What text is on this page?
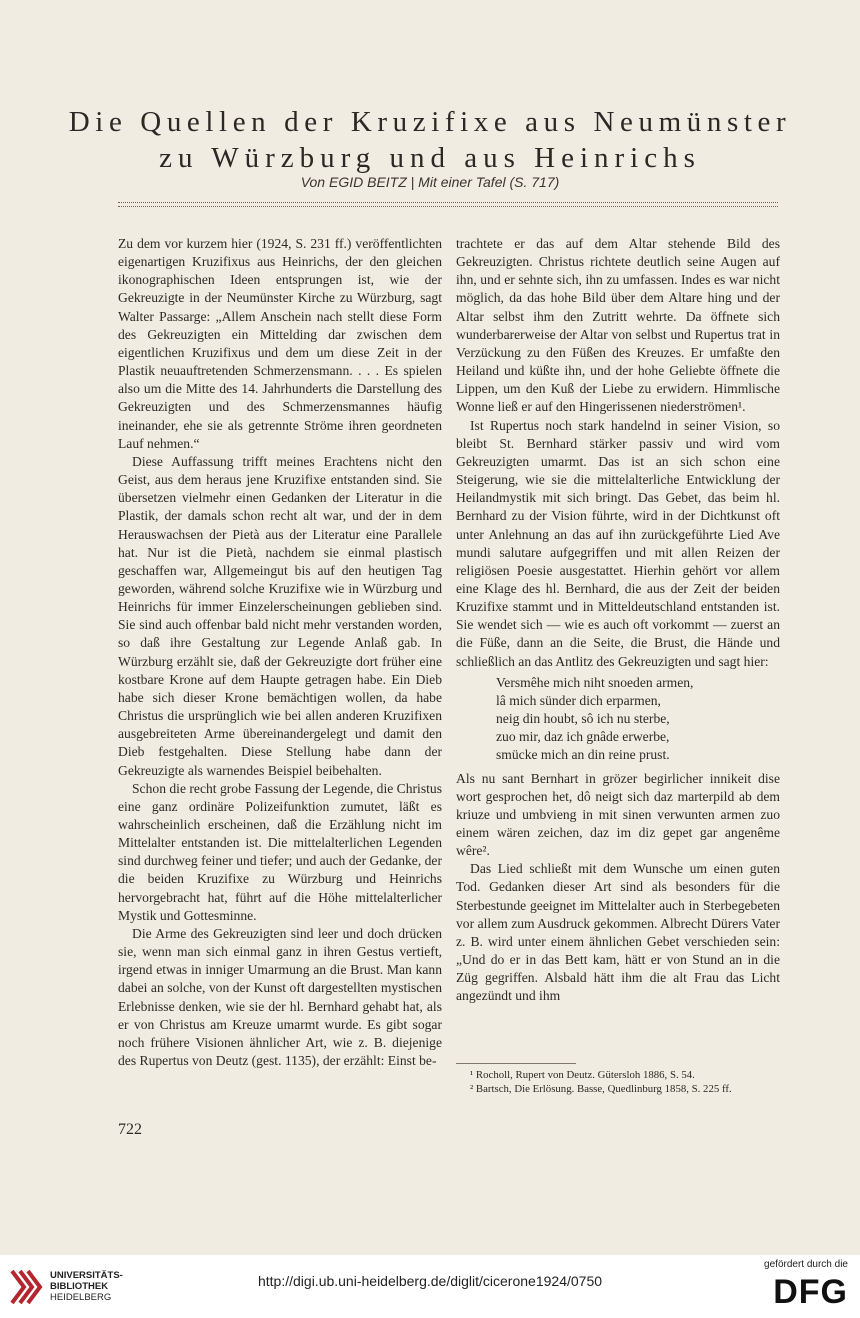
Die Quellen der Kruzifixe aus Neumünster
zu Würzburg und aus Heinrichs
Von EGID BEITZ | Mit einer Tafel (S. 717)

Zu dem vor kurzem hier (1924, S. 231 ff.) veröffentlichten eigenartigen Kruzifixus aus Heinrichs, der den gleichen ikonographischen Ideen entsprungen ist, wie der Gekreuzigte in der Neumünster Kirche zu Würzburg, sagt Walter Passarge: „Allem Anschein nach stellt diese Form des Gekreuzigten ein Mittelding dar zwischen dem eigentlichen Kruzifixus und dem um diese Zeit in der Plastik neuauftretenden Schmerzensmann. . . . Es spielen also um die Mitte des 14. Jahrhunderts die Darstellung des Gekreuzigten und des Schmerzensmannes häufig ineinander, ehe sie als getrennte Ströme ihren geordneten Lauf nehmen.“

Diese Auffassung trifft meines Erachtens nicht den Geist, aus dem heraus jene Kruzifixe entstanden sind. Sie übersetzen vielmehr einen Gedanken der Literatur in die Plastik, der damals schon recht alt war, und der in dem Herauswachsen der Pietà aus der Literatur eine Parallele hat. Nur ist die Pietà, nachdem sie einmal plastisch geschaffen war, Allgemeingut bis auf den heutigen Tag geworden, während solche Kruzifixe wie in Würzburg und Heinrichs für immer Einzelerscheinungen geblieben sind. Sie sind auch offenbar bald nicht mehr verstanden worden, so daß ihre Gestaltung zur Legende Anlaß gab. In Würzburg erzählt sie, daß der Gekreuzigte dort früher eine kostbare Krone auf dem Haupte getragen habe. Ein Dieb habe sich dieser Krone bemächtigen wollen, da habe Christus die ursprünglich wie bei allen anderen Kruzifixen ausgebreiteten Arme übereinandergelegt und damit den Dieb festgehalten. Diese Stellung habe dann der Gekreuzigte als warnendes Beispiel beibehalten.

Schon die recht grobe Fassung der Legende, die Christus eine ganz ordinäre Polizeifunktion zumutet, läßt es wahrscheinlich erscheinen, daß die Erzählung nicht im Mittelalter entstanden ist. Die mittelalterlichen Legenden sind durchweg feiner und tiefer; und auch der Gedanke, der die beiden Kruzifixe zu Würzburg und Heinrichs hervorgebracht hat, führt auf die Höhe mittelalterlicher Mystik und Gottesminne.

Die Arme des Gekreuzigten sind leer und doch drücken sie, wenn man sich einmal ganz in ihren Gestus vertieft, irgend etwas in inniger Umarmung an die Brust. Man kann dabei an solche, von der Kunst oft dargestellten mystischen Erlebnisse denken, wie sie der hl. Bernhard gehabt hat, als er von Christus am Kreuze umarmt wurde. Es gibt sogar noch frühere Visionen ähnlicher Art, wie z. B. diejenige des Rupertus von Deutz (gest. 1135), der erzählt: Einst be-

trachtete er das auf dem Altar stehende Bild des Gekreuzigten. Christus richtete deutlich seine Augen auf ihn, und er sehnte sich, ihn zu umfassen. Indes es war nicht möglich, da das hohe Bild über dem Altare hing und der Altar selbst ihm den Zutritt wehrte. Da öffnete sich wunderbarerweise der Altar von selbst und Rupertus trat in Verzückung zu den Füßen des Kreuzes. Er umfaßte den Heiland und küßte ihn, und der hohe Geliebte öffnete die Lippen, um den Kuß der Liebe zu erwidern. Himmlische Wonne ließ er auf den Hingerissenen niederströmen¹.

Ist Rupertus noch stark handelnd in seiner Vision, so bleibt St. Bernhard stärker passiv und wird vom Gekreuzigten umarmt. Das ist an sich schon eine Steigerung, wie sie die mittelalterliche Entwicklung der Heilandmystik mit sich bringt. Das Gebet, das beim hl. Bernhard zu der Vision führte, wird in der Dichtkunst oft unter Anlehnung an das auf ihn zurückgeführte Lied Ave mundi salutare aufgegriffen und mit allen Reizen der religiösen Poesie ausgestattet. Hierhin gehört vor allem eine Klage des hl. Bernhard, die aus der Zeit der beiden Kruzifixe stammt und in Mitteldeutschland entstanden ist. Sie wendet sich — wie es auch oft vorkommt — zuerst an die Füße, dann an die Seite, die Brust, die Hände und schließlich an das Antlitz des Gekreuzigten und sagt hier:

Versmêhe mich niht snoeden armen,
lâ mich sünder dich erparmen,
neig din houbt, sô ich nu sterbe,
zuo mir, daz ich gnâde erwerbe,
smücke mich an din reine prust.

Als nu sant Bernhart in grözer begirlicher innikeit dise wort gesprochen het, dô neigt sich daz marterpild ab dem kriuze und umbvieng in mit sinen verwunten armen zuo einem wären zeichen, daz im diz gepet gar angenême wêre².

Das Lied schließt mit dem Wunsche um einen guten Tod. Gedanken dieser Art sind als besonders für die Sterbestunde geeignet im Mittelalter auch in Sterbegebeten vor allem zum Ausdruck gekommen. Albrecht Dürers Vater z. B. wird unter einem ähnlichen Gebet verschieden sein: „Und do er in das Bett kam, hätt er von Stund an in die Züg gegriffen. Alsbald hätt ihm die alt Frau das Licht angezündt und ihm

¹ Rocholl, Rupert von Deutz. Gütersloh 1886, S. 54.
² Bartsch, Die Erlösung. Basse, Quedlinburg 1858, S. 225 ff.
722
UNIVERSITÄTS-
BIBLIOTHEK
HEIDELBERG
http://digi.ub.uni-heidelberg.de/diglit/cicerone1924/0750
gefördert durch die
DFG
